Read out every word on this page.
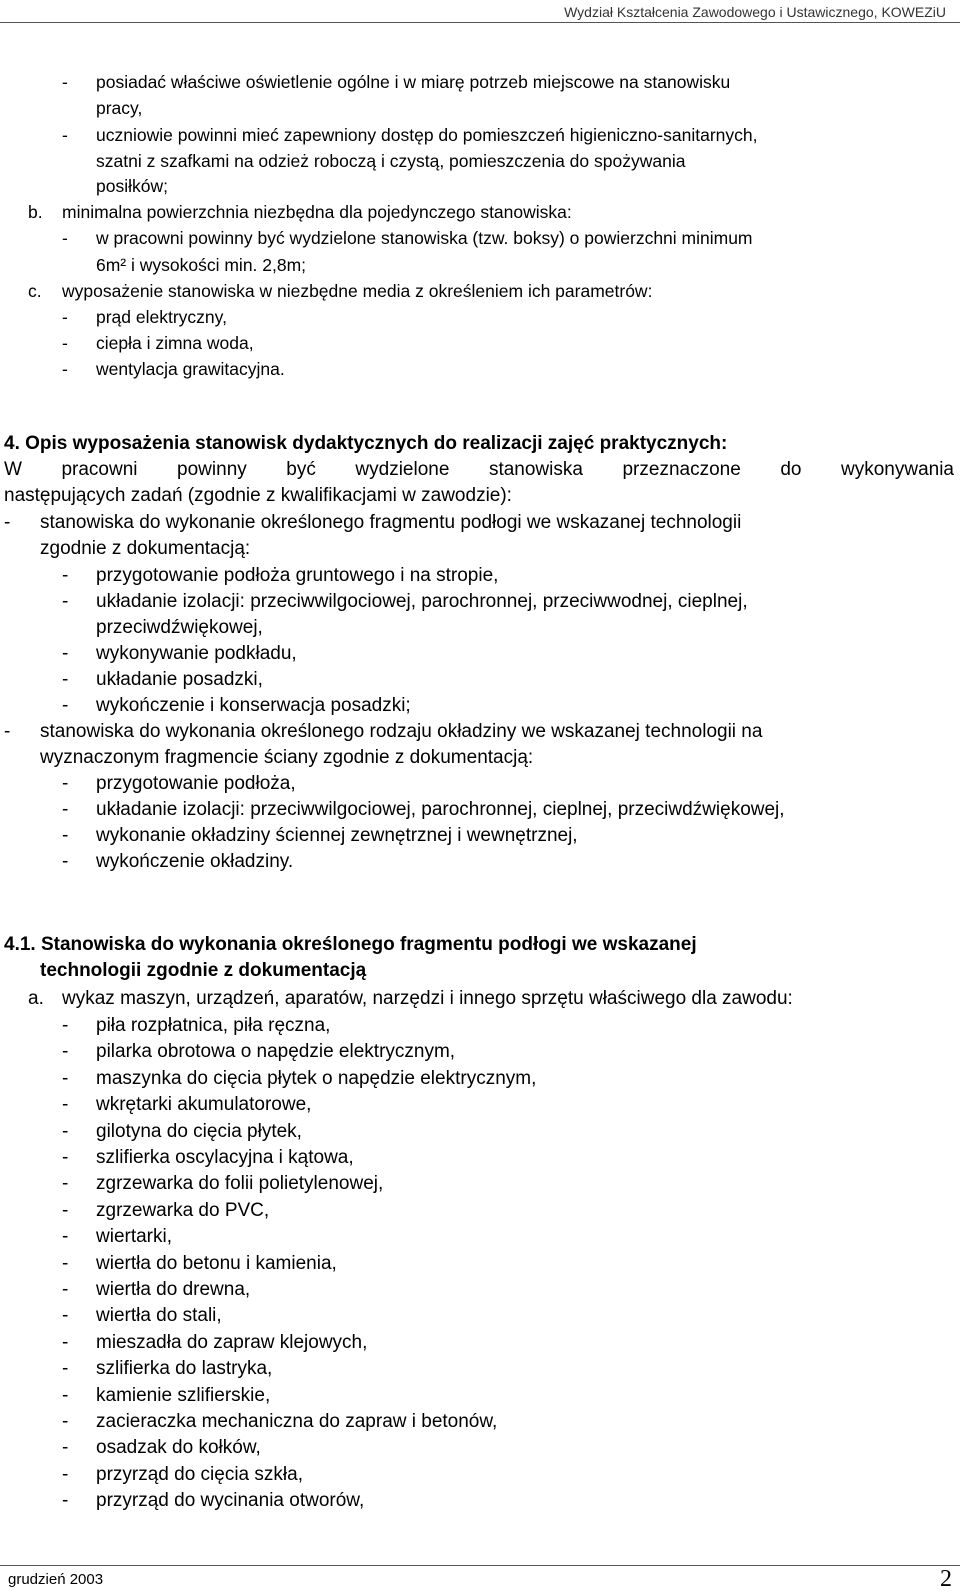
Wydział Kształcenia Zawodowego i Ustawicznego, KOWEZiU
- posiadać właściwe oświetlenie ogólne i w miarę potrzeb miejscowe na stanowisku
pracy,
- uczniowie powinni mieć zapewniony dostęp do pomieszczeń higieniczno-sanitarnych,
szatni z szafkami na odzież roboczą i czystą, pomieszczenia do spożywania
posiłków;
b. minimalna powierzchnia niezbędna dla pojedynczego stanowiska:
- w pracowni powinny być wydzielone stanowiska (tzw. boksy) o powierzchni minimum
6m² i wysokości min. 2,8m;
c. wyposażenie stanowiska w niezbędne media z określeniem ich parametrów:
- prąd elektryczny,
- ciepła i zimna woda,
- wentylacja grawitacyjna.
4. Opis wyposażenia stanowisk dydaktycznych do realizacji zajęć praktycznych:
W pracowni powinny być wydzielone stanowiska przeznaczone do wykonywania
następujących zadań (zgodnie z kwalifikacjami w zawodzie):
- stanowiska do wykonanie określonego fragmentu podłogi we wskazanej technologii
zgodnie z dokumentacją:
- przygotowanie podłoża gruntowego i na stropie,
- układanie izolacji: przeciwwilgociowej, parochronnej, przeciwwodnej, cieplnej,
przeciwdźwiękowej,
- wykonywanie podkładu,
- układanie posadzki,
- wykończenie i konserwacja posadzki;
- stanowiska do wykonania określonego rodzaju okładziny we wskazanej technologii na
wyznaczonym fragmencie ściany zgodnie z dokumentacją:
- przygotowanie podłoża,
- układanie izolacji: przeciwwilgociowej, parochronnej, cieplnej, przeciwdźwiękowej,
- wykonanie okładziny ściennej zewnętrznej i wewnętrznej,
- wykończenie okładziny.
4.1. Stanowiska do wykonania określonego fragmentu podłogi we wskazanej
technologii zgodnie z dokumentacją
a. wykaz maszyn, urządzeń, aparatów, narzędzi i innego sprzętu właściwego dla zawodu:
- piła rozpłatnica, piła ręczna,
- pilarka obrotowa o napędzie elektrycznym,
- maszynka do cięcia płytek o napędzie elektrycznym,
- wkrętarki akumulatorowe,
- gilotyna do cięcia płytek,
- szlifierka oscylacyjna i kątowa,
- zgrzewarka do folii polietylenowej,
- zgrzewarka do PVC,
- wiertarki,
- wiertła do betonu i kamienia,
- wiertła do drewna,
- wiertła do stali,
- mieszadła do zapraw klejowych,
- szlifierka do lastryka,
- kamienie szlifierskie,
- zacieraczka mechaniczna do zapraw i betonów,
- osadzak do kołków,
- przyrząd do cięcia szkła,
- przyrząd do wycinania otworów,
grudzień 2003	2
